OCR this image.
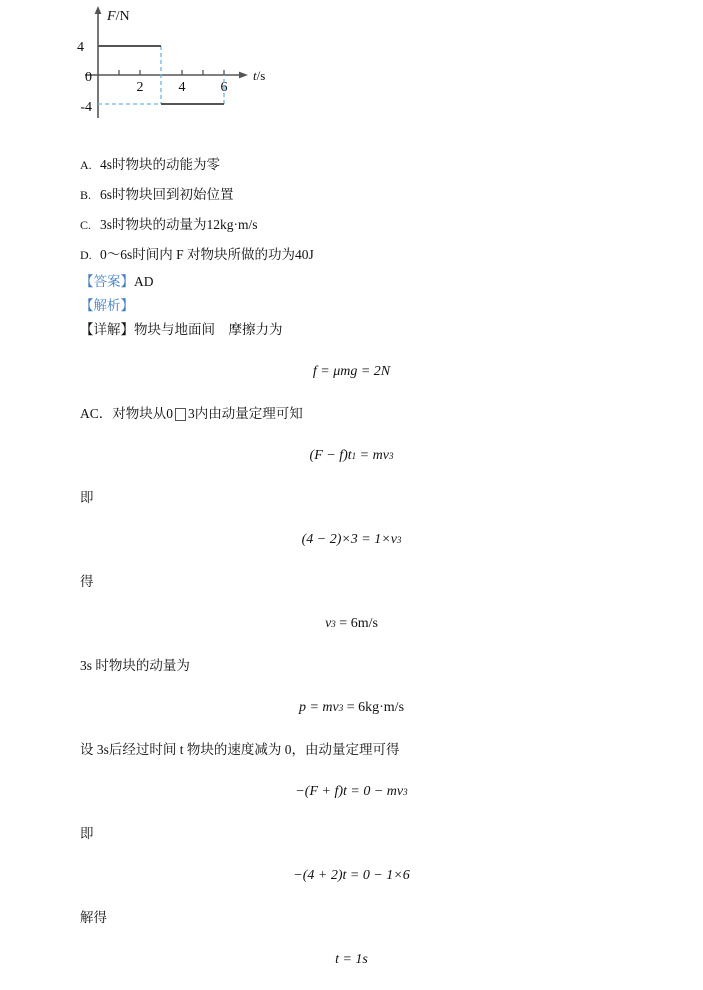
F/N
t/s
4
0
-4
2	4	6
A. 4s时物块的动能为零
B. 6s时物块回到初始位置
C. 3s时物块的动量为12kg·m/s
D. 0～6s时间内 F 对物块所做的功为40J
【答案】 AD
【解析】
【详解】 物块与地面间　摩擦力为
f = μmg = 2N
AC．对物块从0 3内由动量定理可知
(F − f)t 1 = mv 3
即
(4 − 2)×3 = 1×v 3
得
v 3 = 6m/s
3s 时物块的动量为
p = mv 3 = 6kg·m/s
设 3s后经过时间 t 物块的速度减为 0，由动量定理可得
−(F + f)t = 0 − mv 3
即
−(4 + 2)t = 0 − 1×6
解得
t = 1s
